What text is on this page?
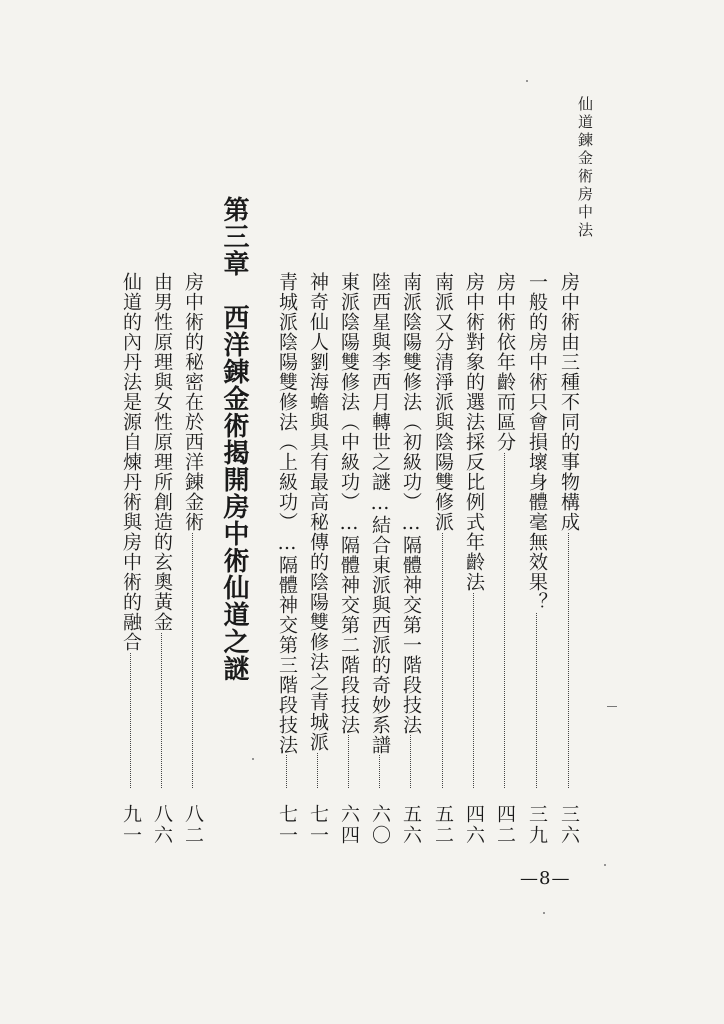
仙道鍊金術房中法
房中術由三種不同的事物構成
三六
一般的房中術只會損壞身體毫無效果？
三九
房中術依年齡而區分
四二
房中術對象的選法採反比例式年齡法
四六
南派又分清淨派與陰陽雙修派
五二
南派陰陽雙修法（初級功）…隔體神交第一階段技法
五六
陸西星與李西月轉世之謎…結合東派與西派的奇妙系譜
六〇
東派陰陽雙修法（中級功）…隔體神交第二階段技法
六四
神奇仙人劉海蟾與具有最高秘傳的陰陽雙修法之青城派
七一
青城派陰陽雙修法（上級功）…隔體神交第三階段技法
七一
第三章　西洋錬金術揭開房中術仙道之謎
房中術的秘密在於西洋錬金術
八二
由男性原理與女性原理所創造的玄奧黃金
八六
仙道的內丹法是源自煉丹術與房中術的融合
九一
—8—
